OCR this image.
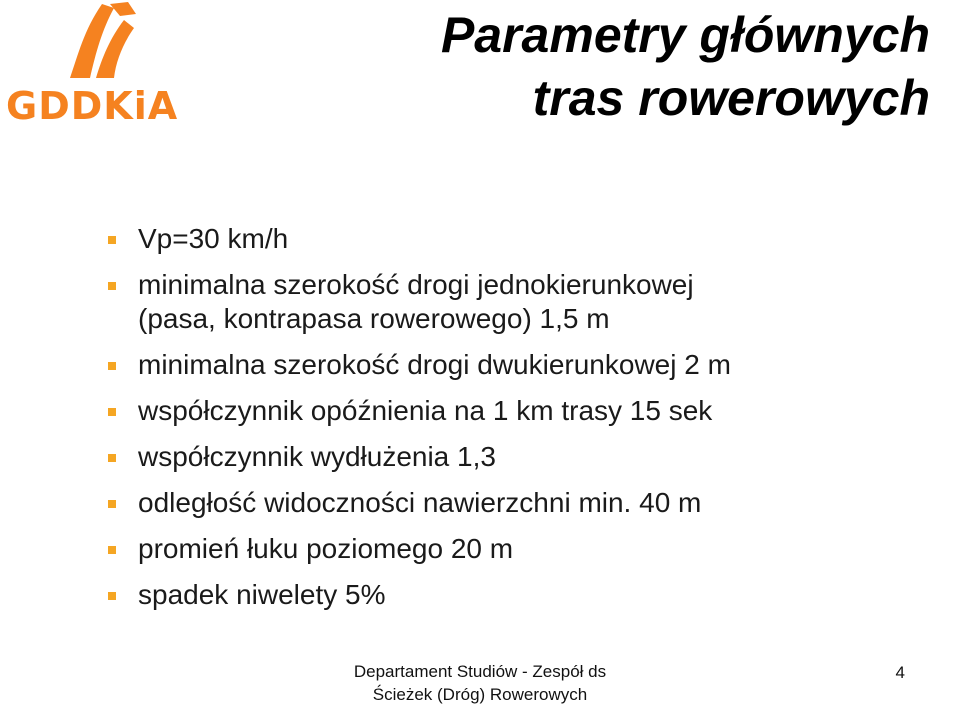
GDDKiA
Parametry głównych
tras rowerowych
Vp=30 km/h
minimalna szerokość drogi jednokierunkowej
(pasa, kontrapasa rowerowego) 1,5 m
minimalna szerokość drogi dwukierunkowej 2 m
współczynnik opóźnienia na 1 km trasy 15 sek
współczynnik wydłużenia 1,3
odległość widoczności nawierzchni min. 40 m
promień łuku poziomego 20 m
spadek niwelety 5%
Departament Studiów - Zespół ds
Ścieżek (Dróg) Rowerowych
4
